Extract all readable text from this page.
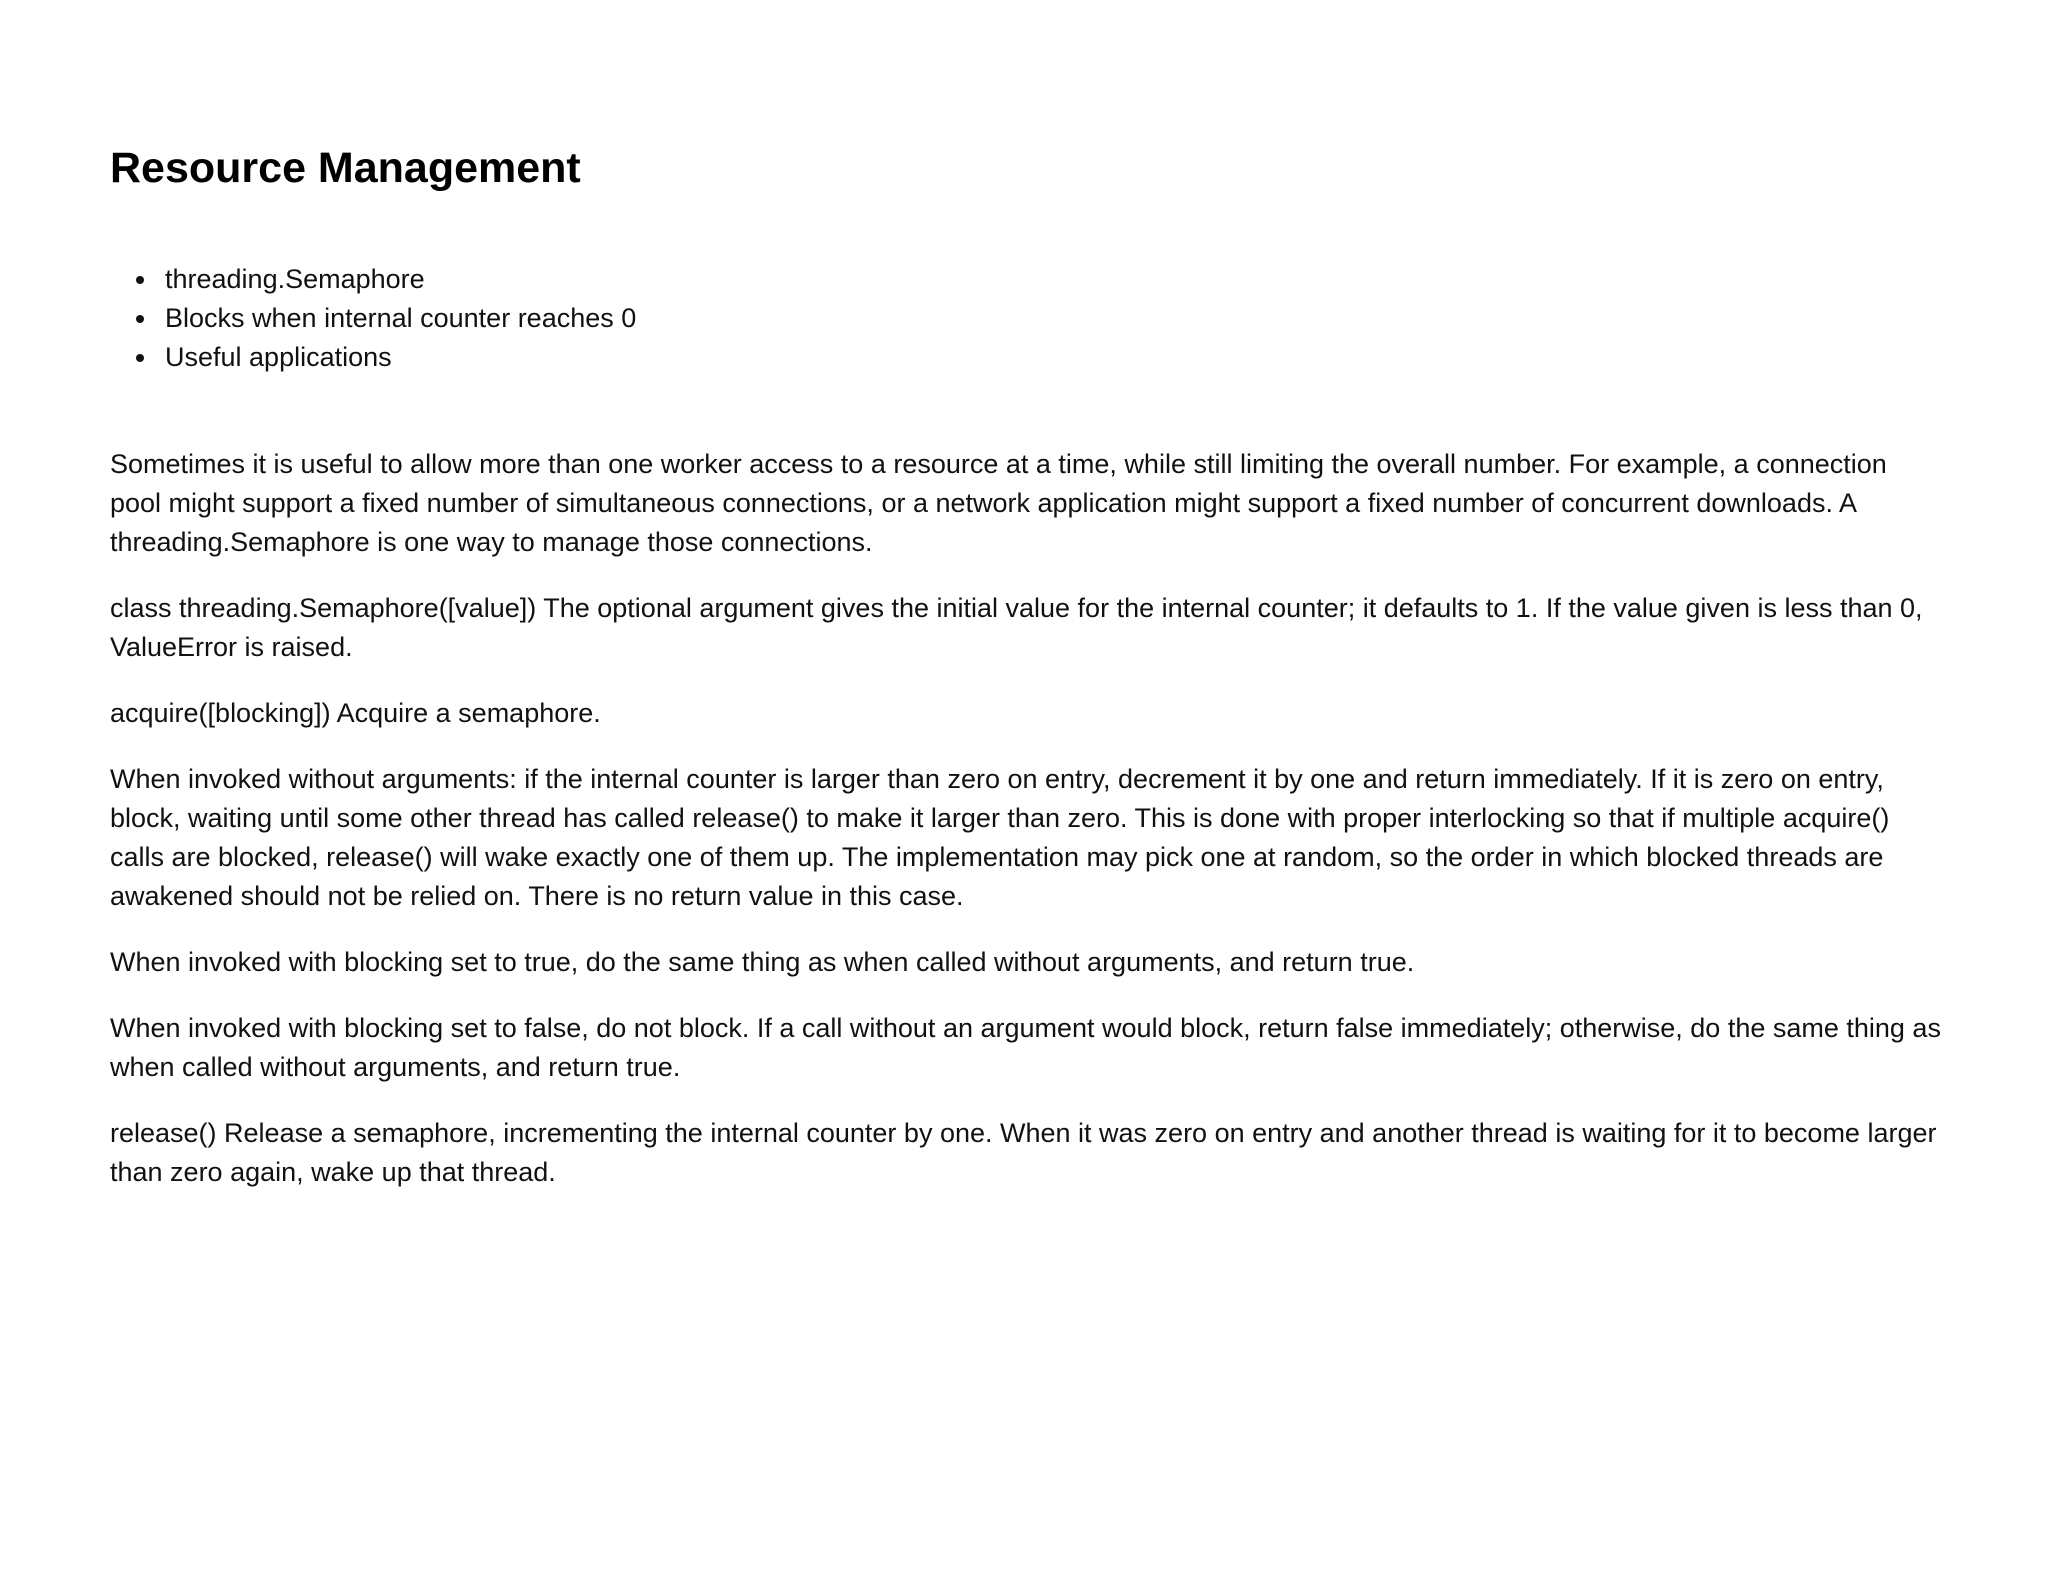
Resource Management
threading.Semaphore
Blocks when internal counter reaches 0
Useful applications

Sometimes it is useful to allow more than one worker access to a resource at a time, while still limiting the overall number. For example, a connection pool might support a fixed number of simultaneous connections, or a network application might support a fixed number of concurrent downloads. A threading.Semaphore is one way to manage those connections.

class threading.Semaphore([value]) The optional argument gives the initial value for the internal counter; it defaults to 1. If the value given is less than 0, ValueError is raised.

acquire([blocking]) Acquire a semaphore.

When invoked without arguments: if the internal counter is larger than zero on entry, decrement it by one and return immediately. If it is zero on entry, block, waiting until some other thread has called release() to make it larger than zero. This is done with proper interlocking so that if multiple acquire() calls are blocked, release() will wake exactly one of them up. The implementation may pick one at random, so the order in which blocked threads are awakened should not be relied on. There is no return value in this case.

When invoked with blocking set to true, do the same thing as when called without arguments, and return true.

When invoked with blocking set to false, do not block. If a call without an argument would block, return false immediately; otherwise, do the same thing as when called without arguments, and return true.

release() Release a semaphore, incrementing the internal counter by one. When it was zero on entry and another thread is waiting for it to become larger than zero again, wake up that thread.
